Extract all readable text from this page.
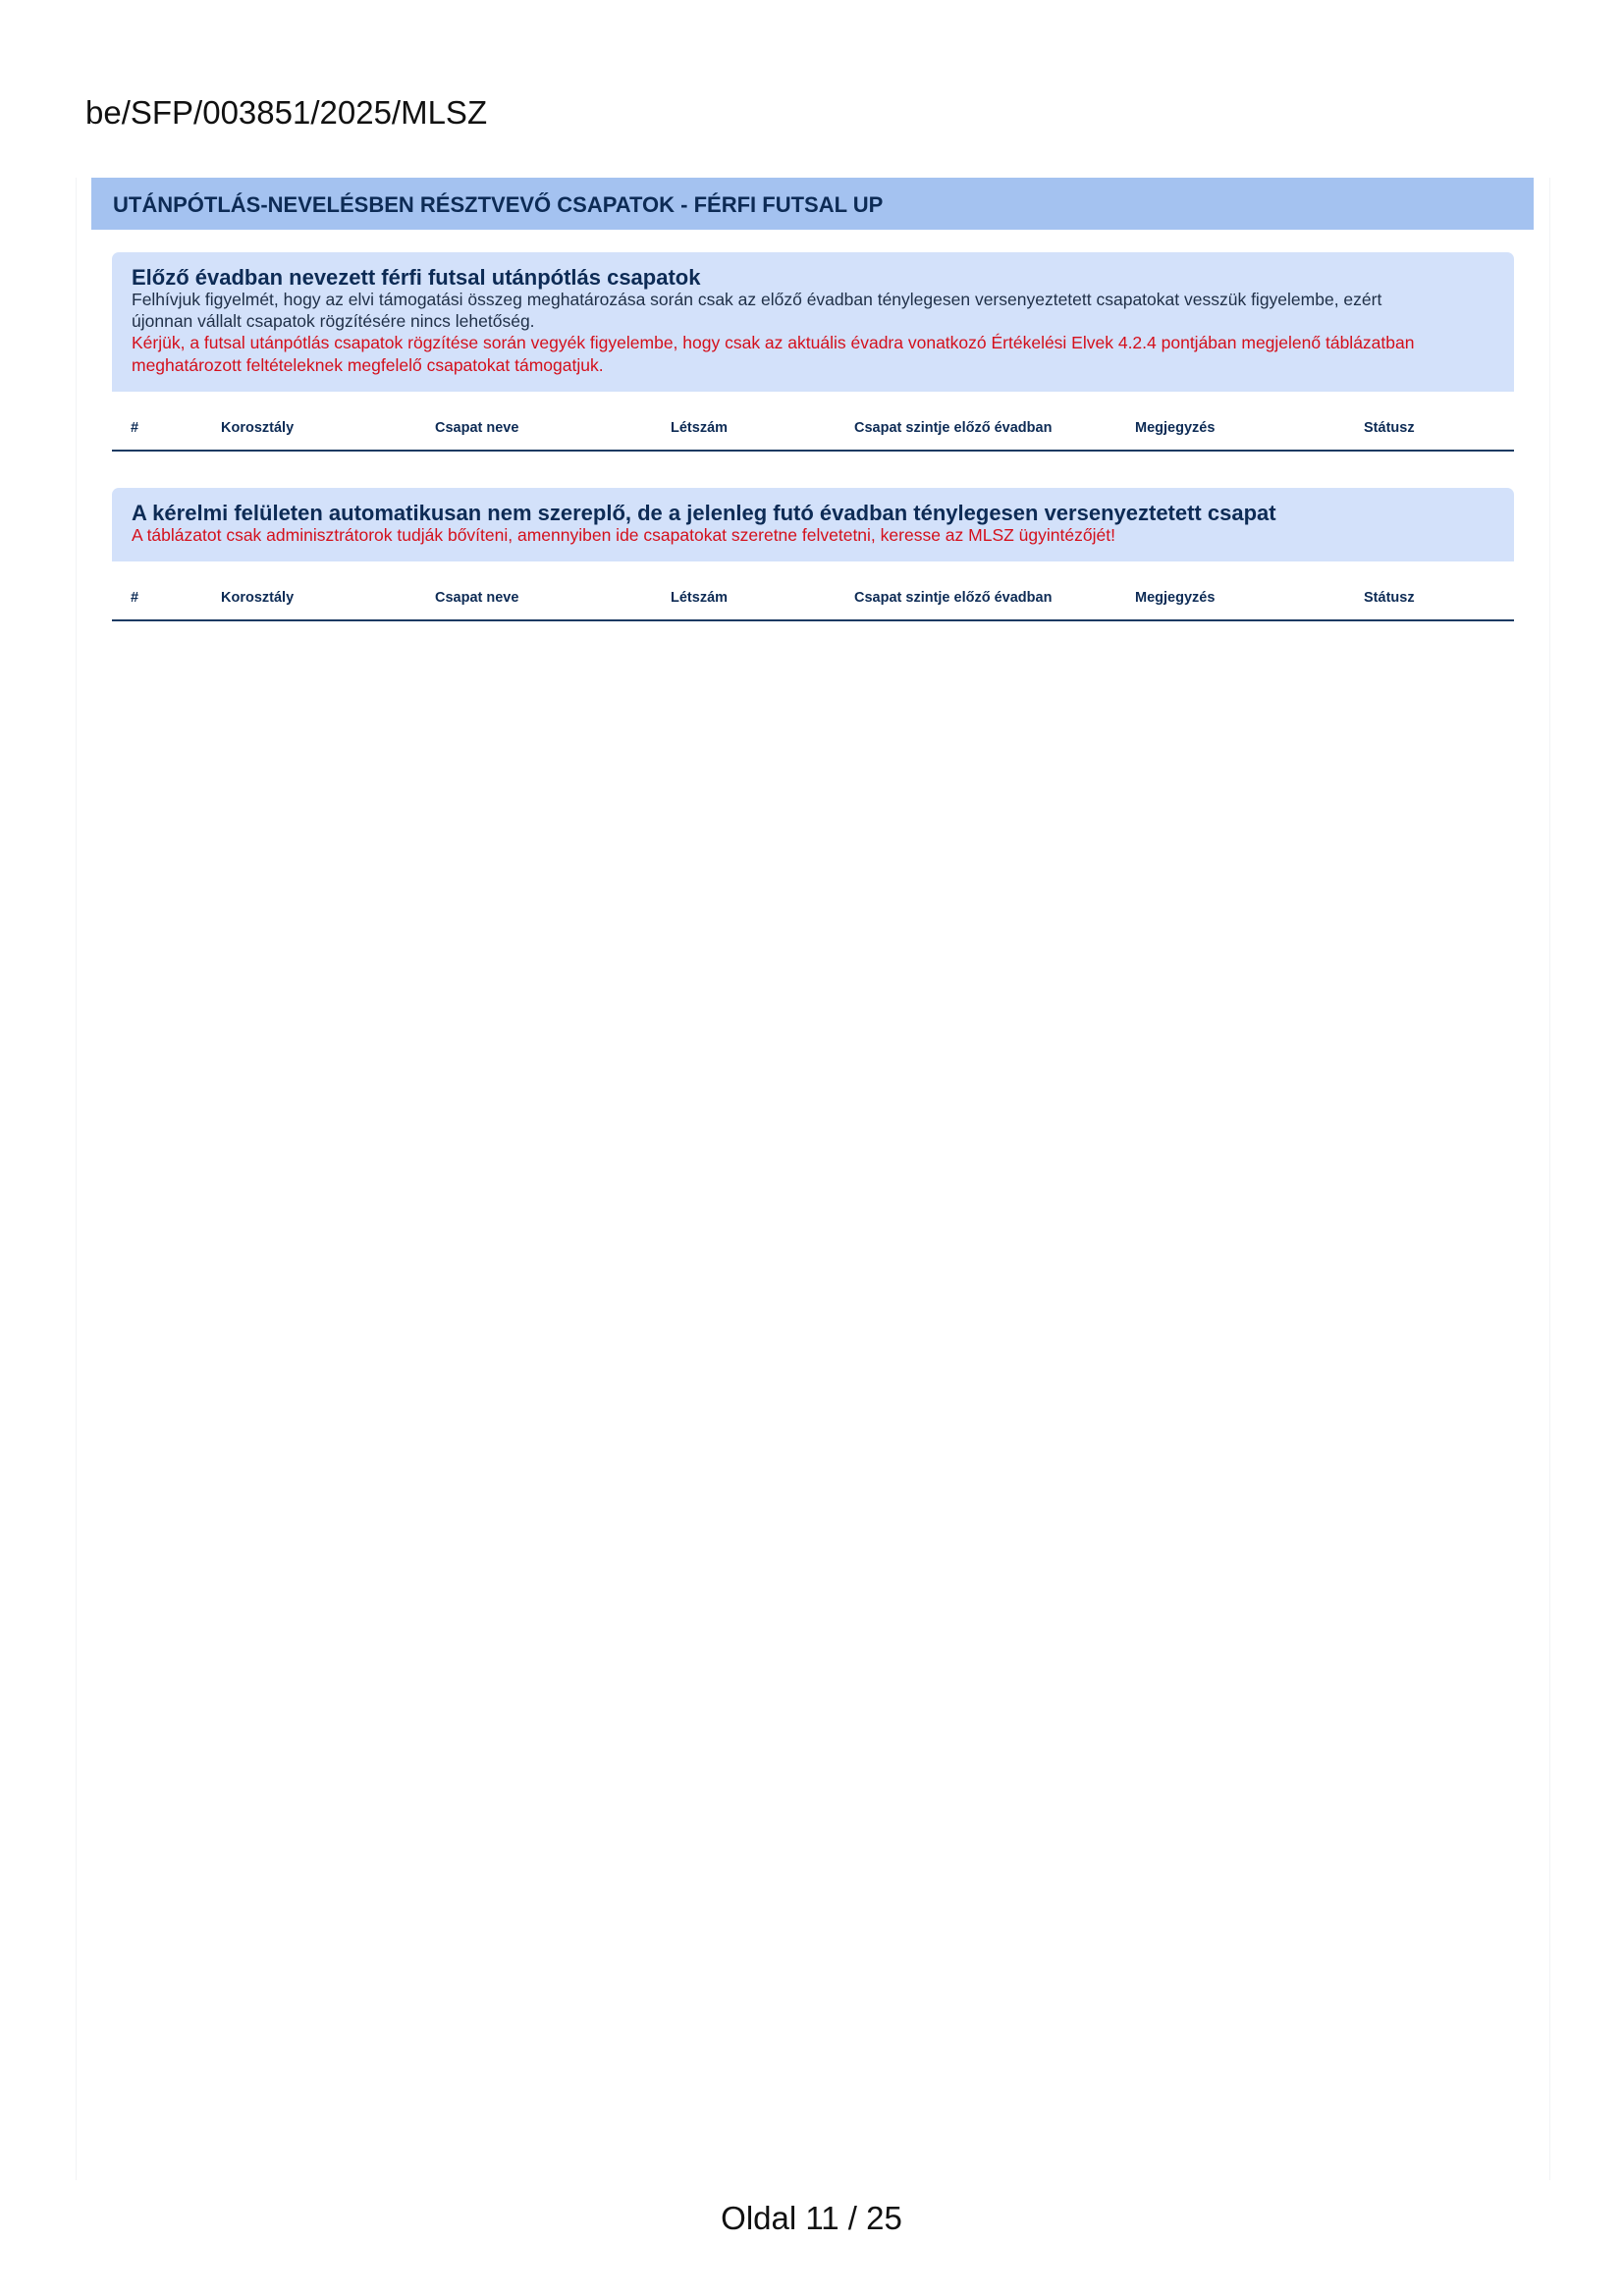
be/SFP/003851/2025/MLSZ
UTÁNPÓTLÁS-NEVELÉSBEN RÉSZTVEVŐ CSAPATOK - FÉRFI FUTSAL UP
Előző évadban nevezett férfi futsal utánpótlás csapatok
Felhívjuk figyelmét, hogy az elvi támogatási összeg meghatározása során csak az előző évadban ténylegesen versenyeztetett csapatokat vesszük figyelembe, ezért
újonnan vállalt csapatok rögzítésére nincs lehetőség.
Kérjük, a futsal utánpótlás csapatok rögzítése során vegyék figyelembe, hogy csak az aktuális évadra vonatkozó Értékelési Elvek 4.2.4 pontjában megjelenő táblázatban
meghatározott feltételeknek megfelelő csapatokat támogatjuk.
#	Korosztály	Csapat neve	Létszám	Csapat szintje előző évadban	Megjegyzés	Státusz
A kérelmi felületen automatikusan nem szereplő, de a jelenleg futó évadban ténylegesen versenyeztetett csapat
A táblázatot csak adminisztrátorok tudják bővíteni, amennyiben ide csapatokat szeretne felvetetni, keresse az MLSZ ügyintézőjét!
#	Korosztály	Csapat neve	Létszám	Csapat szintje előző évadban	Megjegyzés	Státusz
Oldal 11 / 25
